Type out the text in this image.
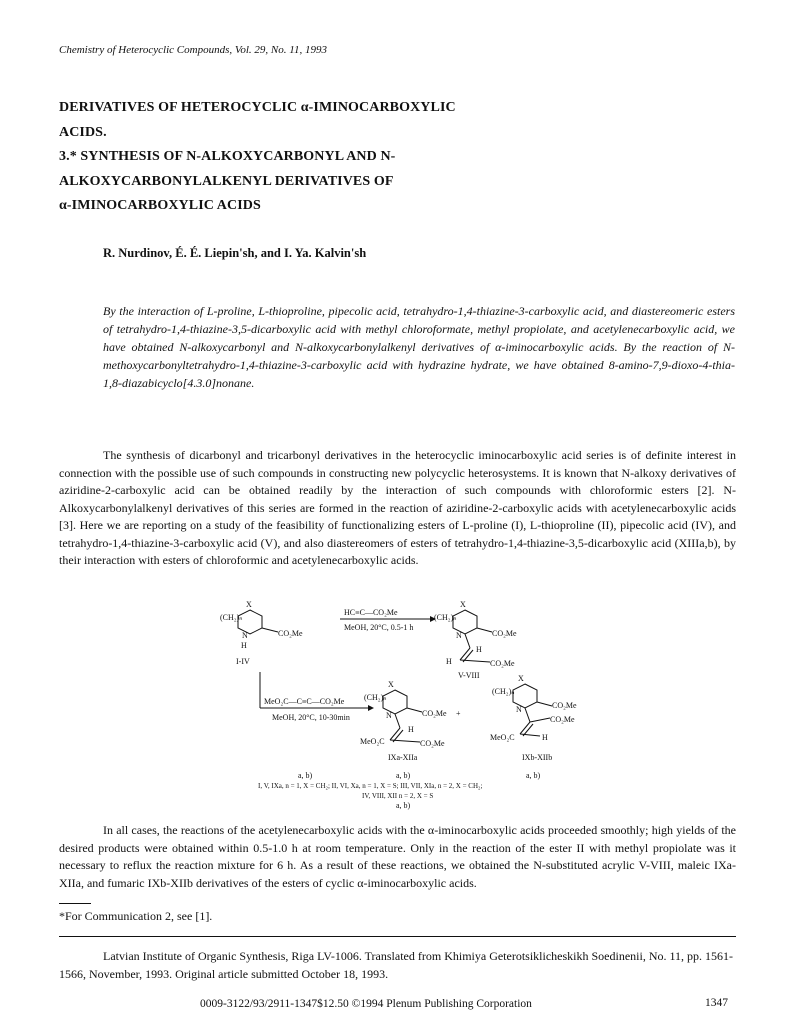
Chemistry of Heterocyclic Compounds, Vol. 29, No. 11, 1993
DERIVATIVES OF HETEROCYCLIC α-IMINOCARBOXYLIC
ACIDS.
3.* SYNTHESIS OF N-ALKOXYCARBONYL AND N-
ALKOXYCARBONYLALKENYL DERIVATIVES OF
α-IMINOCARBOXYLIC ACIDS
R. Nurdinov, É. É. Liepin'sh, and I. Ya. Kalvin'sh
By the interaction of L-proline, L-thioproline, pipecolic acid, tetrahydro-1,4-thiazine-3-carboxylic acid, and diastereomeric esters of tetrahydro-1,4-thiazine-3,5-dicarboxylic acid with methyl chloroformate, methyl propiolate, and acetylenecarboxylic acid, we have obtained N-alkoxycarbonyl and N-alkoxycarbonylalkenyl derivatives of α-iminocarboxylic acids. By the reaction of N-methoxycarbonyltetrahydro-1,4-thiazine-3-carboxylic acid with hydrazine hydrate, we have obtained 8-amino-7,9-dioxo-4-thia-1,8-diazabicyclo[4.3.0]nonane.
The synthesis of dicarbonyl and tricarbonyl derivatives in the heterocyclic iminocarboxylic acid series is of definite interest in connection with the possible use of such compounds in constructing new polycyclic heterosystems. It is known that N-alkoxy derivatives of aziridine-2-carboxylic acid can be obtained readily by the interaction of such compounds with chloroformic esters [2]. N-Alkoxycarbonylalkenyl derivatives of this series are formed in the reaction of aziridine-2-carboxylic acids with acetylenecarboxylic acids [3]. Here we are reporting on a study of the feasibility of functionalizing esters of L-proline (I), L-thioproline (II), pipecolic acid (IV), and tetrahydro-1,4-thiazine-3-carboxylic acid (V), and also diastereomers of esters of tetrahydro-1,4-thiazine-3,5-dicarboxylic acid (XIIIa,b), by their interaction with esters of chloroformic and acetylenecarboxylic acids.
X
(CH₂)ₙ
N
H
CO₂Me
I-IV
HC≡C—CO₂Me
MeOH, 20°C, 0.5-1 h
X
(CH₂)ₙ
N	CO₂Me
H
H	CO₂Me
V-VIII
MeO₂C—C≡C—CO₂Me
MeOH, 20°C, 10-30min
X
(CH₂)ₙ
N	CO₂Me
H
MeO₂C	CO₂Me
IXa-XIIa
+
X
(CH₂)ₙ
N	CO₂Me
CO₂Me
H
MeO₂C
IXb-XIIb
a, b)	a, b)	a, b)
I, V, IXa, n = 1, X = CH₂; II, VI, Xa, n = 1, X = S; III, VII, XIa, n = 2, X = CH₂;
IV, VIII, XII n = 2, X = S
a, b)
In all cases, the reactions of the acetylenecarboxylic acids with the α-iminocarboxylic acids proceeded smoothly; high yields of the desired products were obtained within 0.5-1.0 h at room temperature. Only in the reaction of the ester II with methyl propiolate was it necessary to reflux the reaction mixture for 6 h. As a result of these reactions, we obtained the N-substituted acrylic V-VIII, maleic IXa-XIIa, and fumaric IXb-XIIb derivatives of the esters of cyclic α-iminocarboxylic acids.
*For Communication 2, see [1].
Latvian Institute of Organic Synthesis, Riga LV-1006. Translated from Khimiya Geterotsiklicheskikh Soedinenii, No. 11, pp. 1561-1566, November, 1993. Original article submitted October 18, 1993.
0009-3122/93/2911-1347$12.50 ©1994 Plenum Publishing Corporation	1347
